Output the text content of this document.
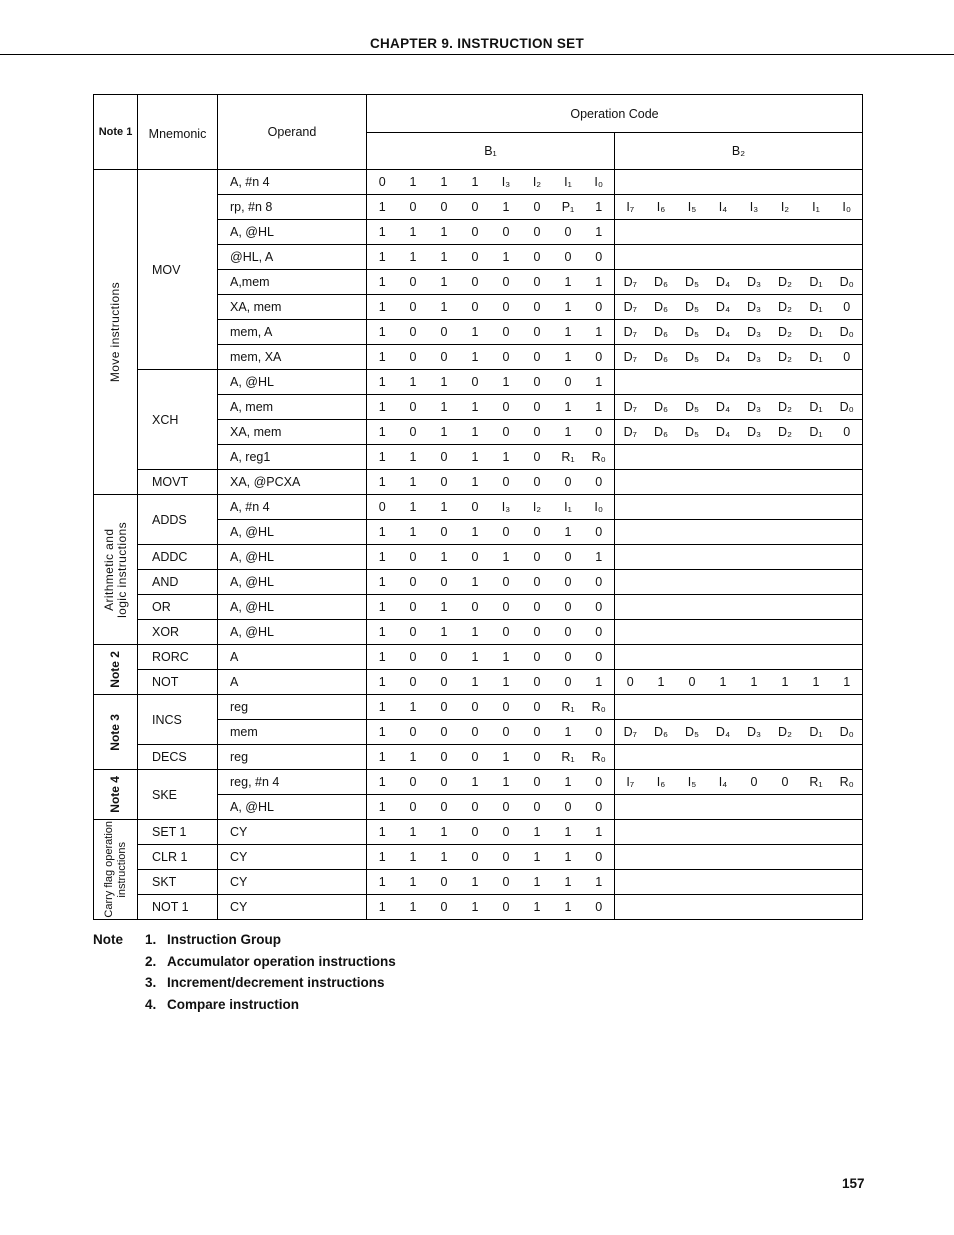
CHAPTER 9. INSTRUCTION SET
Note 1	Mnemonic	Operand	Operation Code															
			B₁								B₂							

Move instructions	MOV	A, #n 4	0	1	1	1	I₃	I₂	I₁	I₀								
		rp, #n 8	1	0	0	0	1	0	P₁	1	I₇	I₆	I₅	I₄	I₃	I₂	I₁	I₀
		A, @HL	1	1	1	0	0	0	0	1								
		@HL, A	1	1	1	0	1	0	0	0								
		A,mem	1	0	1	0	0	0	1	1	D₇	D₆	D₅	D₄	D₃	D₂	D₁	D₀
		XA, mem	1	0	1	0	0	0	1	0	D₇	D₆	D₅	D₄	D₃	D₂	D₁	0
		mem, A	1	0	0	1	0	0	1	1	D₇	D₆	D₅	D₄	D₃	D₂	D₁	D₀
		mem, XA	1	0	0	1	0	0	1	0	D₇	D₆	D₅	D₄	D₃	D₂	D₁	0
	XCH	A, @HL	1	1	1	0	1	0	0	1								
		A, mem	1	0	1	1	0	0	1	1	D₇	D₆	D₅	D₄	D₃	D₂	D₁	D₀
		XA, mem	1	0	1	1	0	0	1	0	D₇	D₆	D₅	D₄	D₃	D₂	D₁	0
		A, reg1	1	1	0	1	1	0	R₁	R₀								
	MOVT	XA, @PCXA	1	1	0	1	0	0	0	0								

Arithmetic and
logic instructions	ADDS	A, #n 4	0	1	1	0	I₃	I₂	I₁	I₀								
		A, @HL	1	1	0	1	0	0	1	0								
	ADDC	A, @HL	1	0	1	0	1	0	0	1								
	AND	A, @HL	1	0	0	1	0	0	0	0								
	OR	A, @HL	1	0	1	0	0	0	0	0								
	XOR	A, @HL	1	0	1	1	0	0	0	0								

Note 2	RORC	A	1	0	0	1	1	0	0	0								
	NOT	A	1	0	0	1	1	0	0	1	0	1	0	1	1	1	1	1

Note 3	INCS	reg	1	1	0	0	0	0	R₁	R₀								
		mem	1	0	0	0	0	0	1	0	D₇	D₆	D₅	D₄	D₃	D₂	D₁	D₀
	DECS	reg	1	1	0	0	1	0	R₁	R₀								

Note 4	SKE	reg, #n 4	1	0	0	1	1	0	1	0	I₇	I₆	I₅	I₄	0	0	R₁	R₀
		A, @HL	1	0	0	0	0	0	0	0								

Carry flag operation
instructions	SET 1	CY	1	1	1	0	0	1	1	1								
	CLR 1	CY	1	1	1	0	0	1	1	0								
	SKT	CY	1	1	0	1	0	1	1	1								
	NOT 1	CY	1	1	0	1	0	1	1	0								
Note 1. Instruction Group
2. Accumulator operation instructions
3. Increment/decrement instructions
4. Compare instruction
157
